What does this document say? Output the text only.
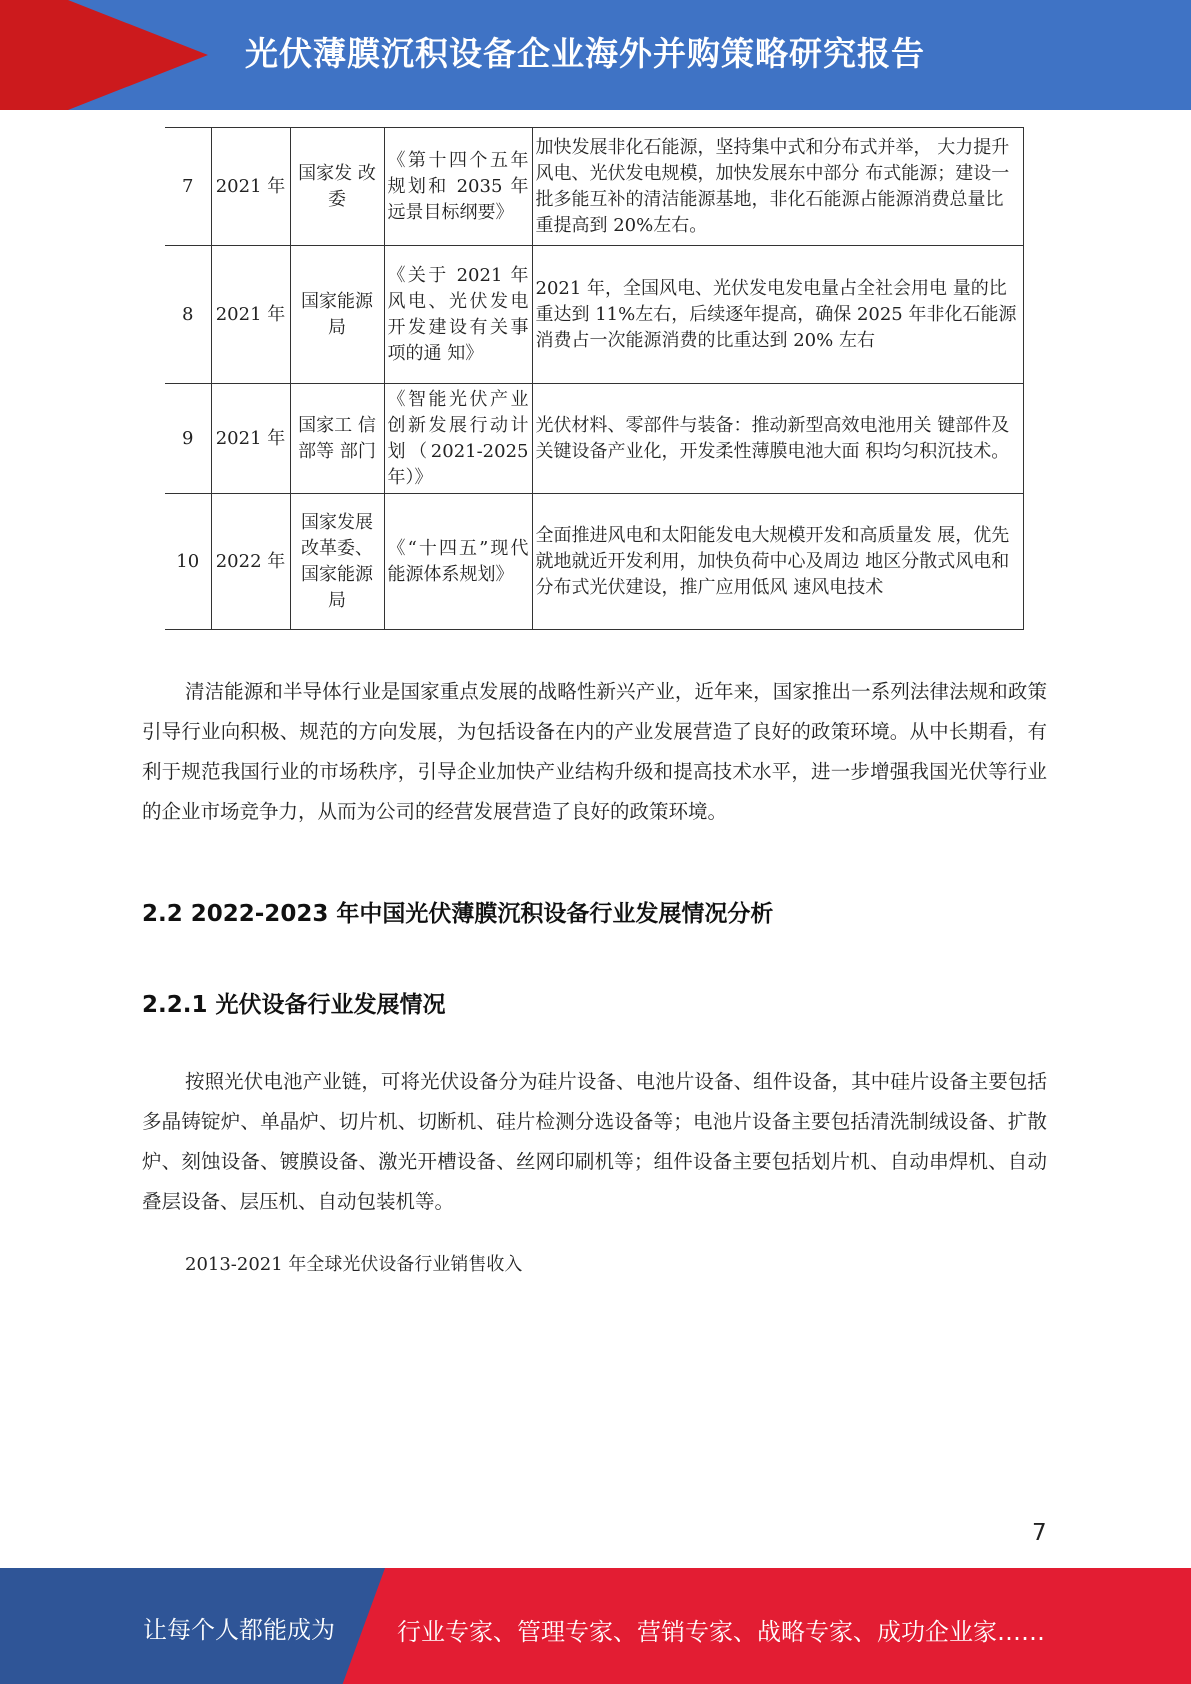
光伏薄膜沉积设备企业海外并购策略研究报告
7	2021 年	国家发 改委	《第十四个五年规划和 2035 年远景目标纲要》	加快发展非化石能源，坚持集中式和分布式并举， 大力提升风电、光伏发电规模，加快发展东中部分 布式能源；建设一批多能互补的清洁能源基地，非化石能源占能源消费总量比重提高到 20%左右。
8	2021 年	国家能源局	《关于 2021 年风电、光伏发电开发建设有关事项的通 知》	2021 年，全国风电、光伏发电发电量占全社会用电 量的比重达到 11%左右，后续逐年提高，确保 2025 年非化石能源消费占一次能源消费的比重达到 20% 左右
9	2021 年	国家工 信部等 部门	《智能光伏产业创新发展行动计划（2021-2025 年）》	光伏材料、零部件与装备：推动新型高效电池用关 键部件及关键设备产业化，开发柔性薄膜电池大面 积均匀积沉技术。
10	2022 年	国家发展改革委、国家能源局	《“十四五”现代能源体系规划》	全面推进风电和太阳能发电大规模开发和高质量发 展，优先就地就近开发利用，加快负荷中心及周边 地区分散式风电和分布式光伏建设，推广应用低风 速风电技术

清洁能源和半导体行业是国家重点发展的战略性新兴产业，近年来，国家推出一系列法律法规和政策引导行业向积极、规范的方向发展，为包括设备在内的产业发展营造了良好的政策环境。从中长期看，有利于规范我国行业的市场秩序，引导企业加快产业结构升级和提高技术水平，进一步增强我国光伏等行业的企业市场竞争力，从而为公司的经营发展营造了良好的政策环境。

2.2 2022-2023 年中国光伏薄膜沉积设备行业发展情况分析
2.2.1 光伏设备行业发展情况

按照光伏电池产业链，可将光伏设备分为硅片设备、电池片设备、组件设备，其中硅片设备主要包括多晶铸锭炉、单晶炉、切片机、切断机、硅片检测分选设备等；电池片设备主要包括清洗制绒设备、扩散炉、刻蚀设备、镀膜设备、激光开槽设备、丝网印刷机等；组件设备主要包括划片机、自动串焊机、自动叠层设备、层压机、自动包装机等。

2013-2021 年全球光伏设备行业销售收入
7
让每个人都能成为	行业专家、管理专家、营销专家、战略专家、成功企业家……
